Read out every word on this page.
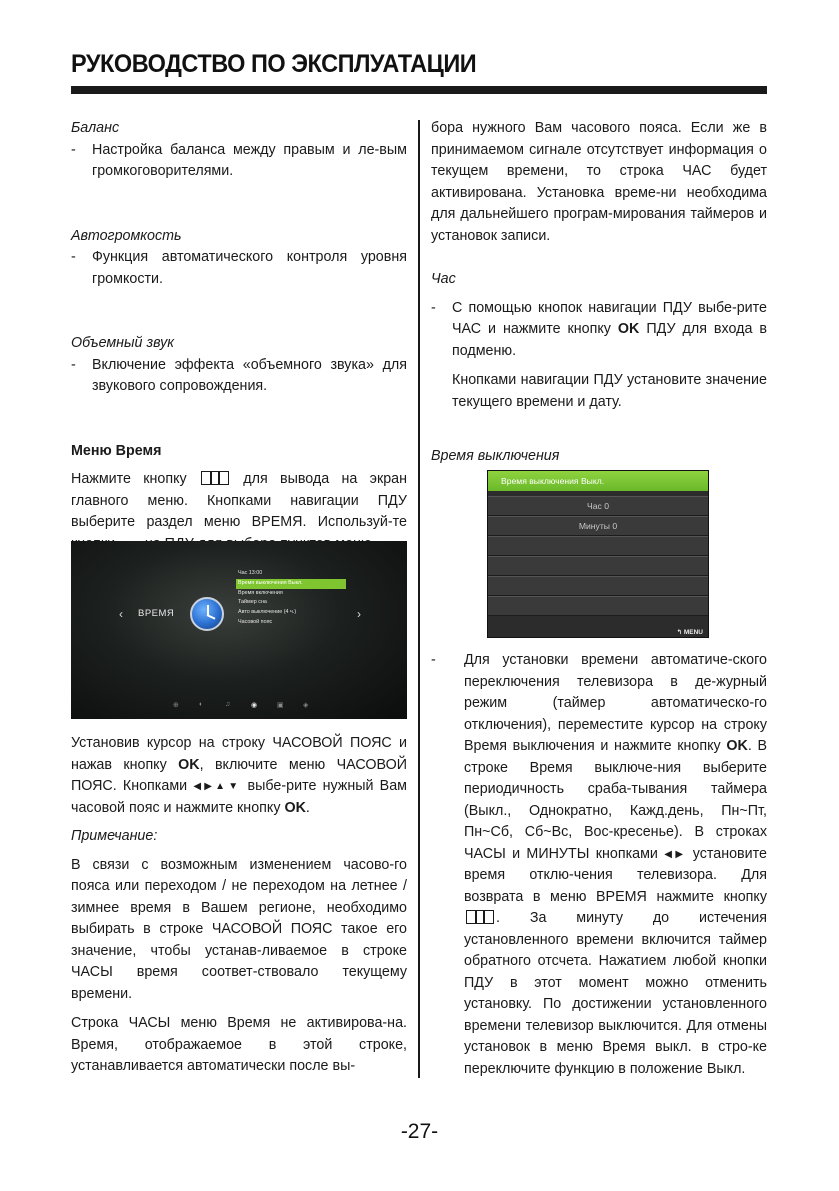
РУКОВОДСТВО ПО ЭКСПЛУАТАЦИИ

Баланс

- Настройка баланса между правым и ле-вым громкоговорителями.

Автогромкость

- Функция автоматического контроля уровня громкости.

Объемный звук

- Включение эффекта «объемного звука» для звукового сопровождения.

Меню Время

Нажмите кнопку	для вывода на экран главного меню. Кнопками навигации ПДУ выберите раздел меню ВРЕМЯ. Используй-те

‹ ВРЕМЯ	›
Час 13:00
Время выключения Выкл.
Время включения
Таймер сна
Авто выключение (4 ч.)
Часовой пояс
⊕	◐	♫	◉	▣	◈

Установив курсор на строку ЧАСОВОЙ ПОЯС и нажав кнопку OK, включите меню ЧАСОВОЙ ПОЯС. Кнопками ◀▶▲▼ выбе-рите нужный Вам часовой пояс и нажмите кнопку OK.

Примечание:

В связи с возможным изменением часово-го пояса или переходом / не переходом на летнее / зимнее время в Вашем регионе, необходимо выбирать в строке ЧАСОВОЙ ПОЯС такое его значение, чтобы устанав-ливаемое в строке ЧАСЫ время соответ-ствовало текущему времени.

Строка ЧАСЫ меню Время не активирова-на. Время, отображаемое в этой строке, устанавливается автоматически после вы-

бора нужного Вам часового пояса. Если же в принимаемом сигнале отсутствует информация о текущем времени, то строка ЧАС будет активирована. Установка време-ни необходима для дальнейшего програм-мирования таймеров и установок записи.

Час

- С помощью кнопок навигации ПДУ выбе-рите ЧАС и нажмите кнопку OK ПДУ для входа в подменю.

Кнопками навигации ПДУ установите значение текущего времени и дату.

Время выключения

Время выключения Выкл.
Час 0
Минуты 0
↰ MENU

- Для установки времени автоматиче-ского переключения телевизора в де-журный режим (таймер автоматическо-го отключения), переместите курсор на строку Время выключения и нажмите кнопку OK. В строке Время выключе-ния выберите периодичность сраба-тывания таймера (Выкл., Однократно, Кажд.день, Пн~Пт, Пн~Сб, Сб~Вс, Вос-кресенье). В строках ЧАСЫ и МИНУТЫ кнопками ◀▶ установите время отклю-чения телевизора. Для возврата в меню ВРЕМЯ нажмите кнопку . За минуту до истечения установленного времени включится таймер обратного отсчета. Нажатием любой кнопки ПДУ в этот момент можно отменить установку. По достижении установленного времени телевизор выключится. Для отмены установок в меню Время выкл. в стро-ке переключите функцию в положение Выкл.

-27-
